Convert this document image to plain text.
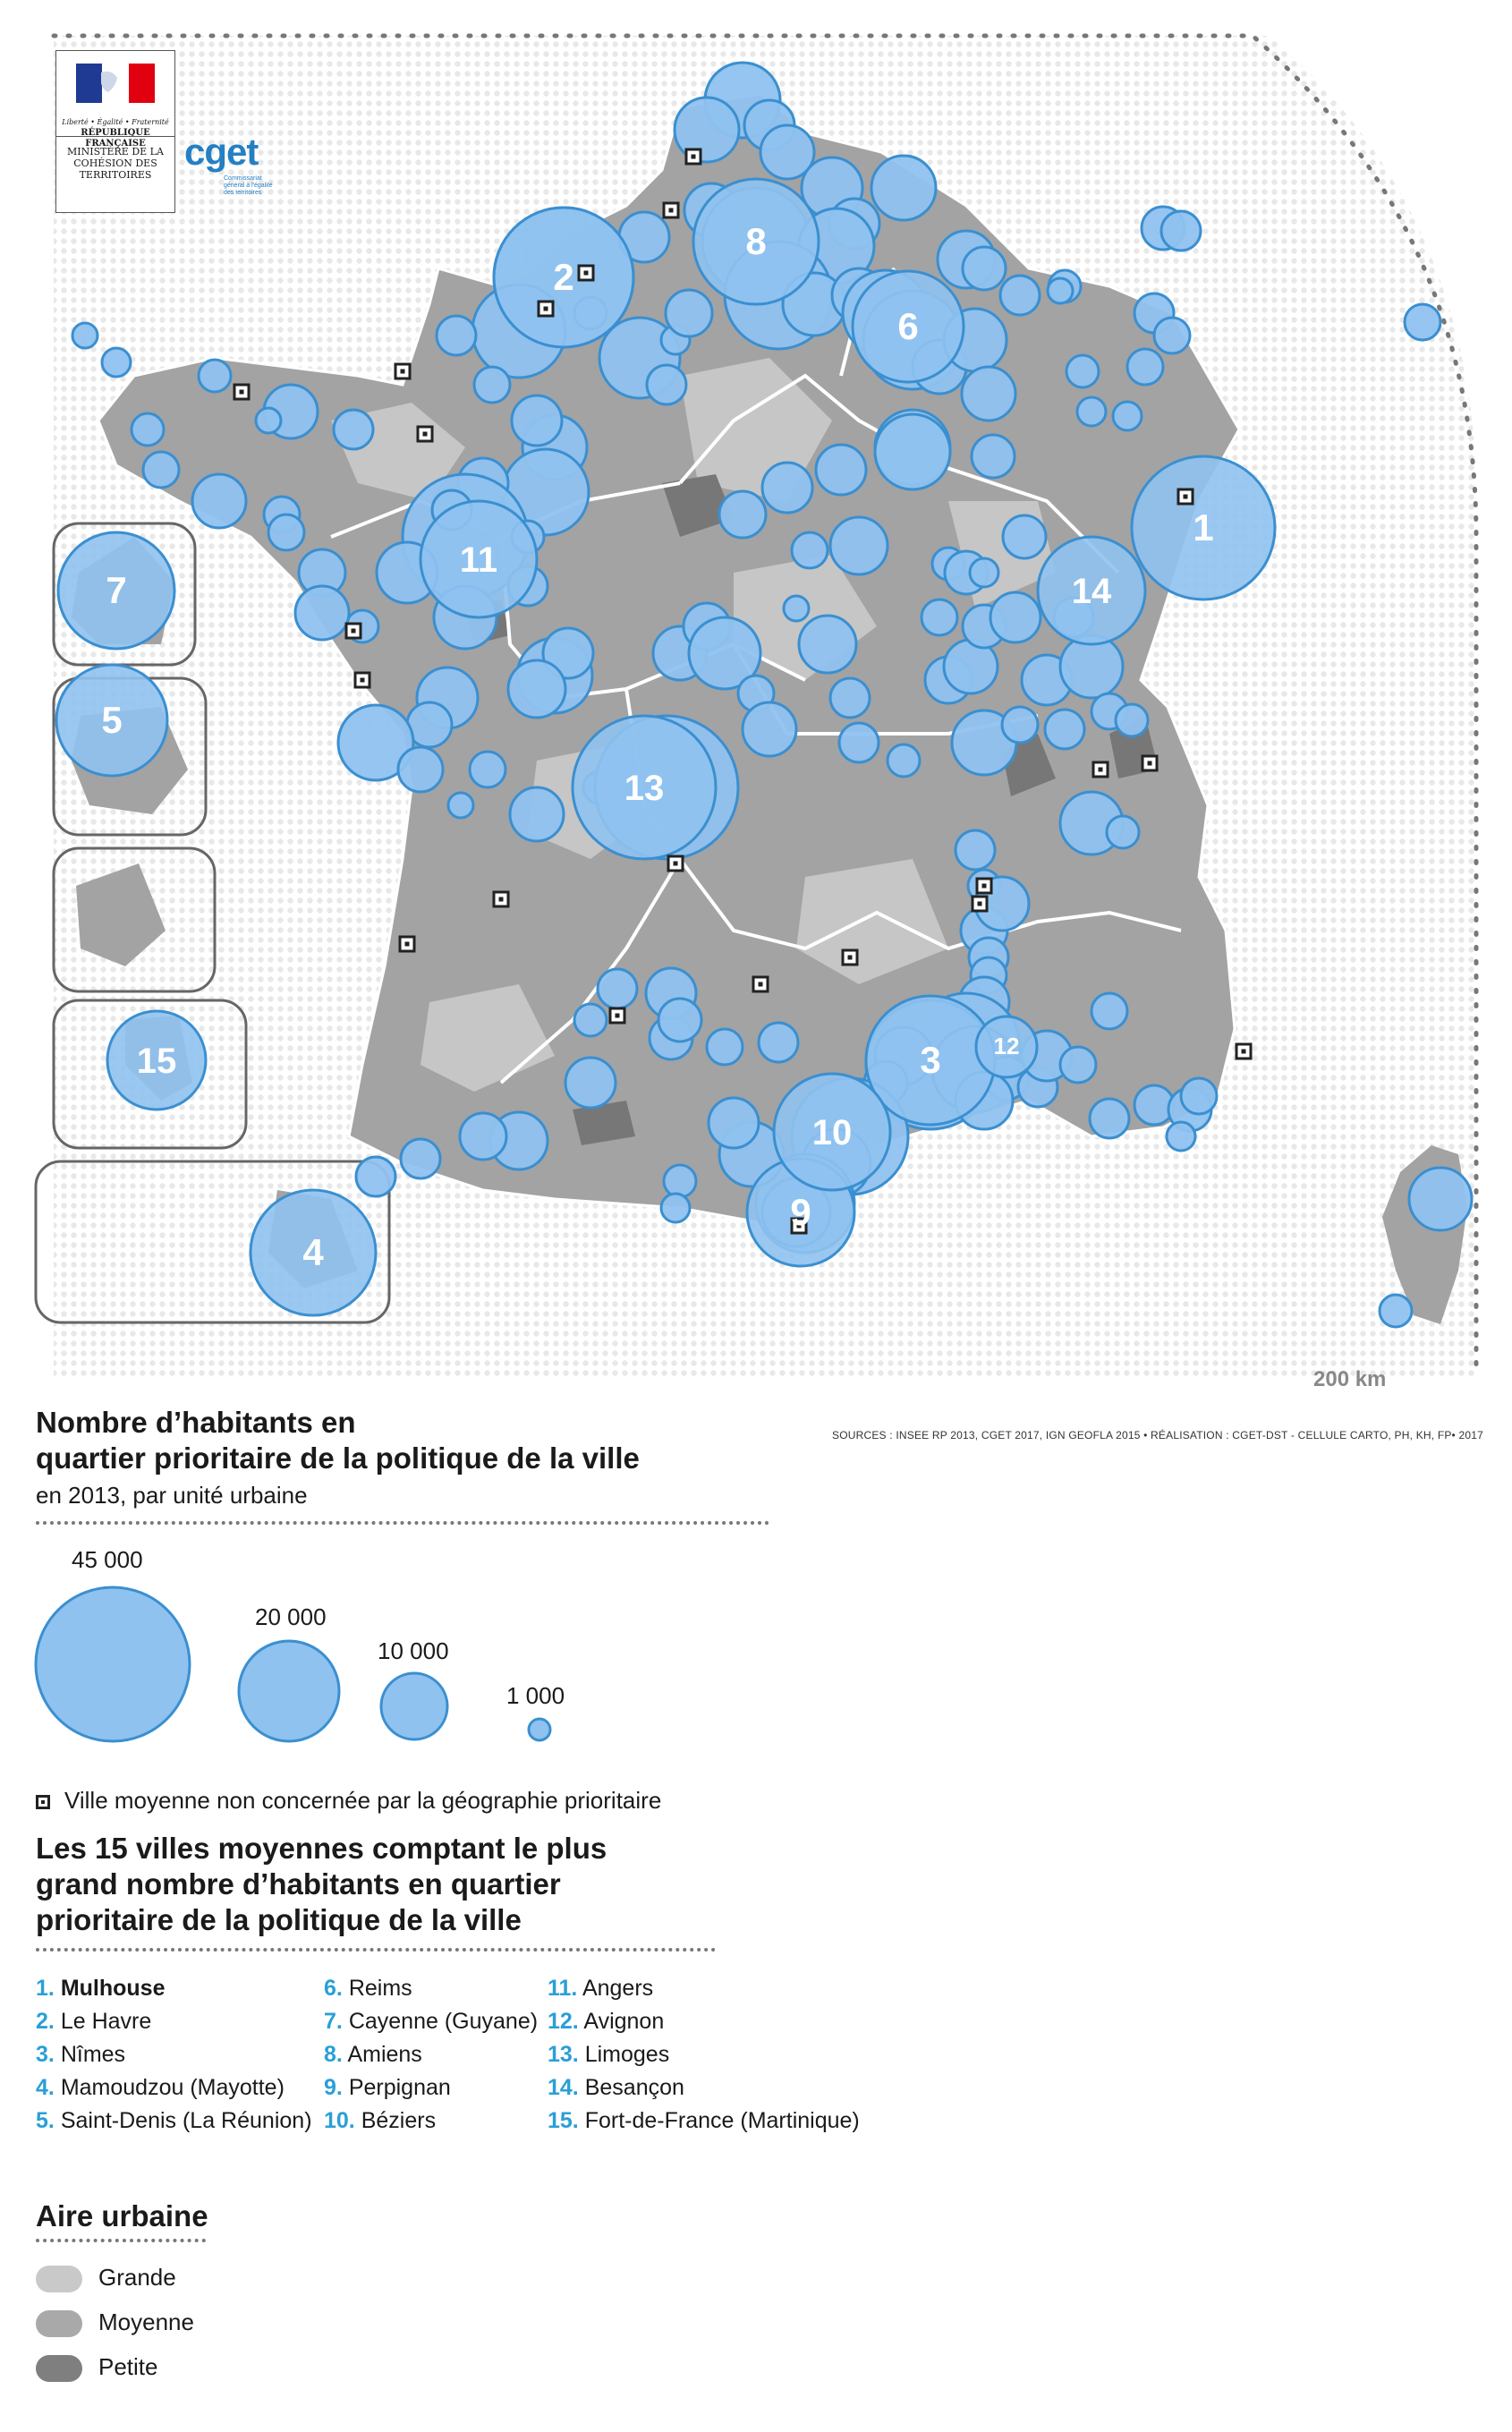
1
2
3
4
5
6
7
8
9
10
11
12
13
14
15
Liberté • Égalité • Fraternité
RÉPUBLIQUE FRANÇAISE
MINISTÈRE DE LA COHÉSION DES TERRITOIRES
cget
Commissariat général à l'égalité des territoires
200 km
SOURCES : INSEE RP 2013, CGET 2017, IGN GEOFLA 2015 • RÉALISATION : CGET-DST - CELLULE CARTO, PH, KH, FP• 2017
Nombre d’habitants en
quartier prioritaire de la politique de la ville
en 2013, par unité urbaine
45 000
20 000
10 000
1 000
Ville moyenne non concernée par la géographie prioritaire
Les 15 villes moyennes comptant le plus
grand nombre d’habitants en quartier
prioritaire de la politique de la ville
1. Mulhouse
2. Le Havre
3. Nîmes
4. Mamoudzou (Mayotte)
5. Saint-Denis (La Réunion)
6. Reims
7. Cayenne (Guyane)
8. Amiens
9. Perpignan
10. Béziers
11. Angers
12. Avignon
13. Limoges
14. Besançon
15. Fort-de-France (Martinique)
Aire urbaine
Grande
Moyenne
Petite
